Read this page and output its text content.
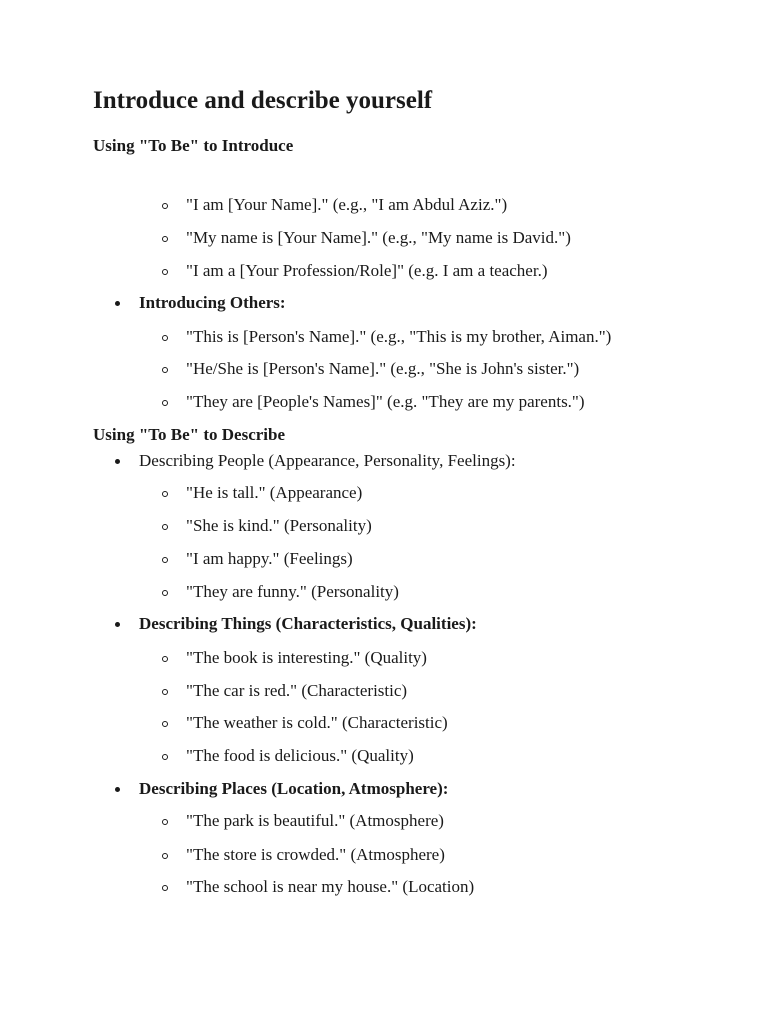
Introduce and describe yourself
Using "To Be" to Introduce
"I am [Your Name]." (e.g., "I am Abdul Aziz.")
"My name is [Your Name]." (e.g., "My name is David.")
"I am a [Your Profession/Role]" (e.g. I am a teacher.)
Introducing Others:
"This is [Person's Name]." (e.g., "This is my brother, Aiman.")
"He/She is [Person's Name]." (e.g., "She is John's sister.")
"They are [People's Names]" (e.g. "They are my parents.")
Using "To Be" to Describe
Describing People (Appearance, Personality, Feelings):
"He is tall." (Appearance)
"She is kind." (Personality)
"I am happy." (Feelings)
"They are funny." (Personality)
Describing Things (Characteristics, Qualities):
"The book is interesting." (Quality)
"The car is red." (Characteristic)
"The weather is cold." (Characteristic)
"The food is delicious." (Quality)
Describing Places (Location, Atmosphere):
"The park is beautiful." (Atmosphere)
"The store is crowded." (Atmosphere)
"The school is near my house." (Location)
